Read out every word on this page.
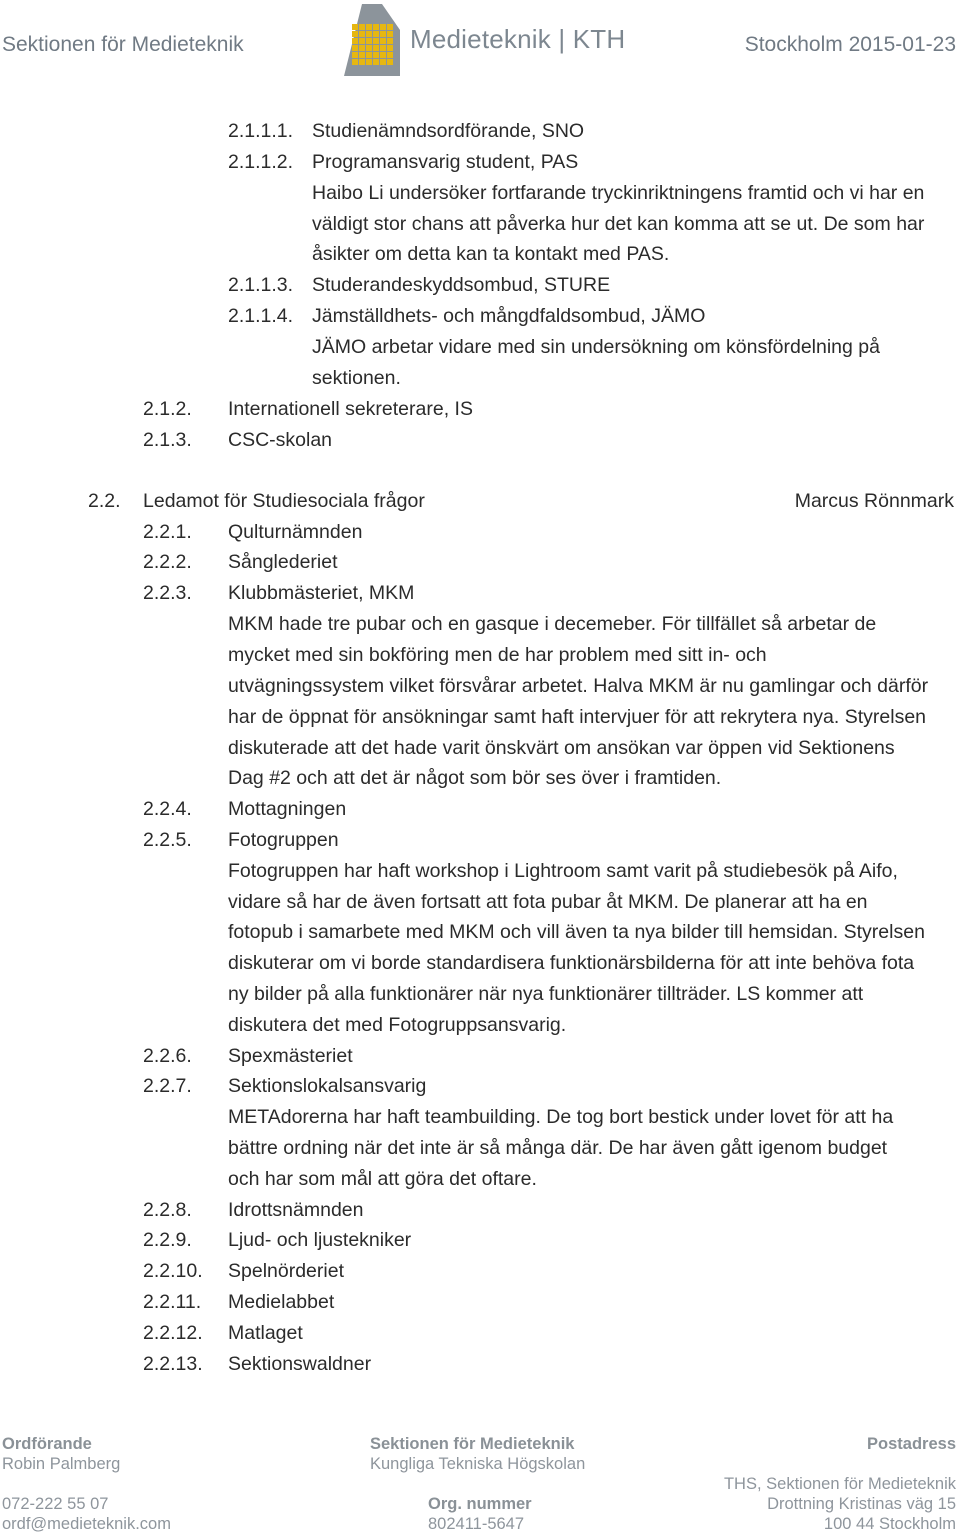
Sektionen för Medieteknik	Medieteknik | KTH	Stockholm 2015-01-23
2.1.1.1. Studienämndsordförande, SNO
2.1.1.2. Programansvarig student, PAS
Haibo Li undersöker fortfarande tryckinriktningens framtid och vi har en
väldigt stor chans att påverka hur det kan komma att se ut. De som har
åsikter om detta kan ta kontakt med PAS.
2.1.1.3. Studerandeskyddsombud, STURE
2.1.1.4. Jämställdhets- och mångdfaldsombud, JÄMO
JÄMO arbetar vidare med sin undersökning om könsfördelning på
sektionen.
2.1.2. Internationell sekreterare, IS
2.1.3. CSC-skolan
2.2. Ledamot för Studiesociala frågor	Marcus Rönnmark
2.2.1. Qulturnämnden
2.2.2. Sånglederiet
2.2.3. Klubbmästeriet, MKM
MKM hade tre pubar och en gasque i decemeber. För tillfället så arbetar de
mycket med sin bokföring men de har problem med sitt in- och
utvägningssystem vilket försvårar arbetet. Halva MKM är nu gamlingar och därför
har de öppnat för ansökningar samt haft intervjuer för att rekrytera nya. Styrelsen
diskuterade att det hade varit önskvärt om ansökan var öppen vid Sektionens
Dag #2 och att det är något som bör ses över i framtiden.
2.2.4. Mottagningen
2.2.5. Fotogruppen
Fotogruppen har haft workshop i Lightroom samt varit på studiebesök på Aifo,
vidare så har de även fortsatt att fota pubar åt MKM. De planerar att ha en
fotopub i samarbete med MKM och vill även ta nya bilder till hemsidan. Styrelsen
diskuterar om vi borde standardisera funktionärsbilderna för att inte behöva fota
ny bilder på alla funktionärer när nya funktionärer tillträder. LS kommer att
diskutera det med Fotogruppsansvarig.
2.2.6. Spexmästeriet
2.2.7. Sektionslokalsansvarig
METAdorerna har haft teambuilding. De tog bort bestick under lovet för att ha
bättre ordning när det inte är så många där. De har även gått igenom budget
och har som mål att göra det oftare.
2.2.8. Idrottsnämnden
2.2.9. Ljud- och ljustekniker
2.2.10. Spelnörderiet
2.2.11. Medielabbet
2.2.12. Matlaget
2.2.13. Sektionswaldner
Ordförande
Robin Palmberg
072-222 55 07
ordf@medieteknik.com
Sektionen för Medieteknik
Kungliga Tekniska Högskolan
Org. nummer
802411-5647
Postadress
THS, Sektionen för Medieteknik
Drottning Kristinas väg 15
100 44 Stockholm
